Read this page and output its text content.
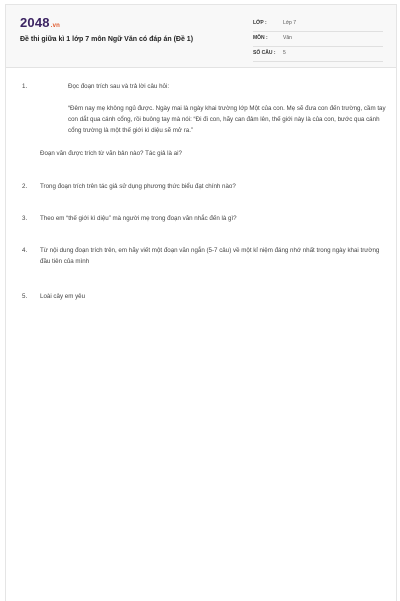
2048.vn
Đề thi giữa kì 1 lớp 7 môn Ngữ Văn có đáp án (Đề 1)
LỚP :	Lớp 7
MÔN :	Văn
SỐ CÂU : 5
1.	Đọc đoạn trích sau và trả lời câu hỏi:
“Đêm nay mẹ không ngủ được. Ngày mai là ngày khai trường lớp Một của con. Mẹ sẽ đưa con đến trường, cầm tay con dắt qua cánh cổng, rồi buông tay mà nói: “Đi đi con, hãy can đảm lên, thế giới này là của con, bước qua cánh cổng trường là một thế giới kì diệu sẽ mở ra.”
Đoạn văn được trích từ văn bản nào? Tác giả là ai?
2. Trong đoạn trích trên tác giả sử dụng phương thức biểu đạt chính nào?
3. Theo em “thế giới kì diệu” mà người mẹ trong đoạn văn nhắc đến là gì?
4. Từ nội dung đoạn trích trên, em hãy viết một đoạn văn ngắn (5-7 câu) về một kỉ niệm đáng nhớ nhất trong ngày khai trường đầu tiên của mình
5. Loài cây em yêu
